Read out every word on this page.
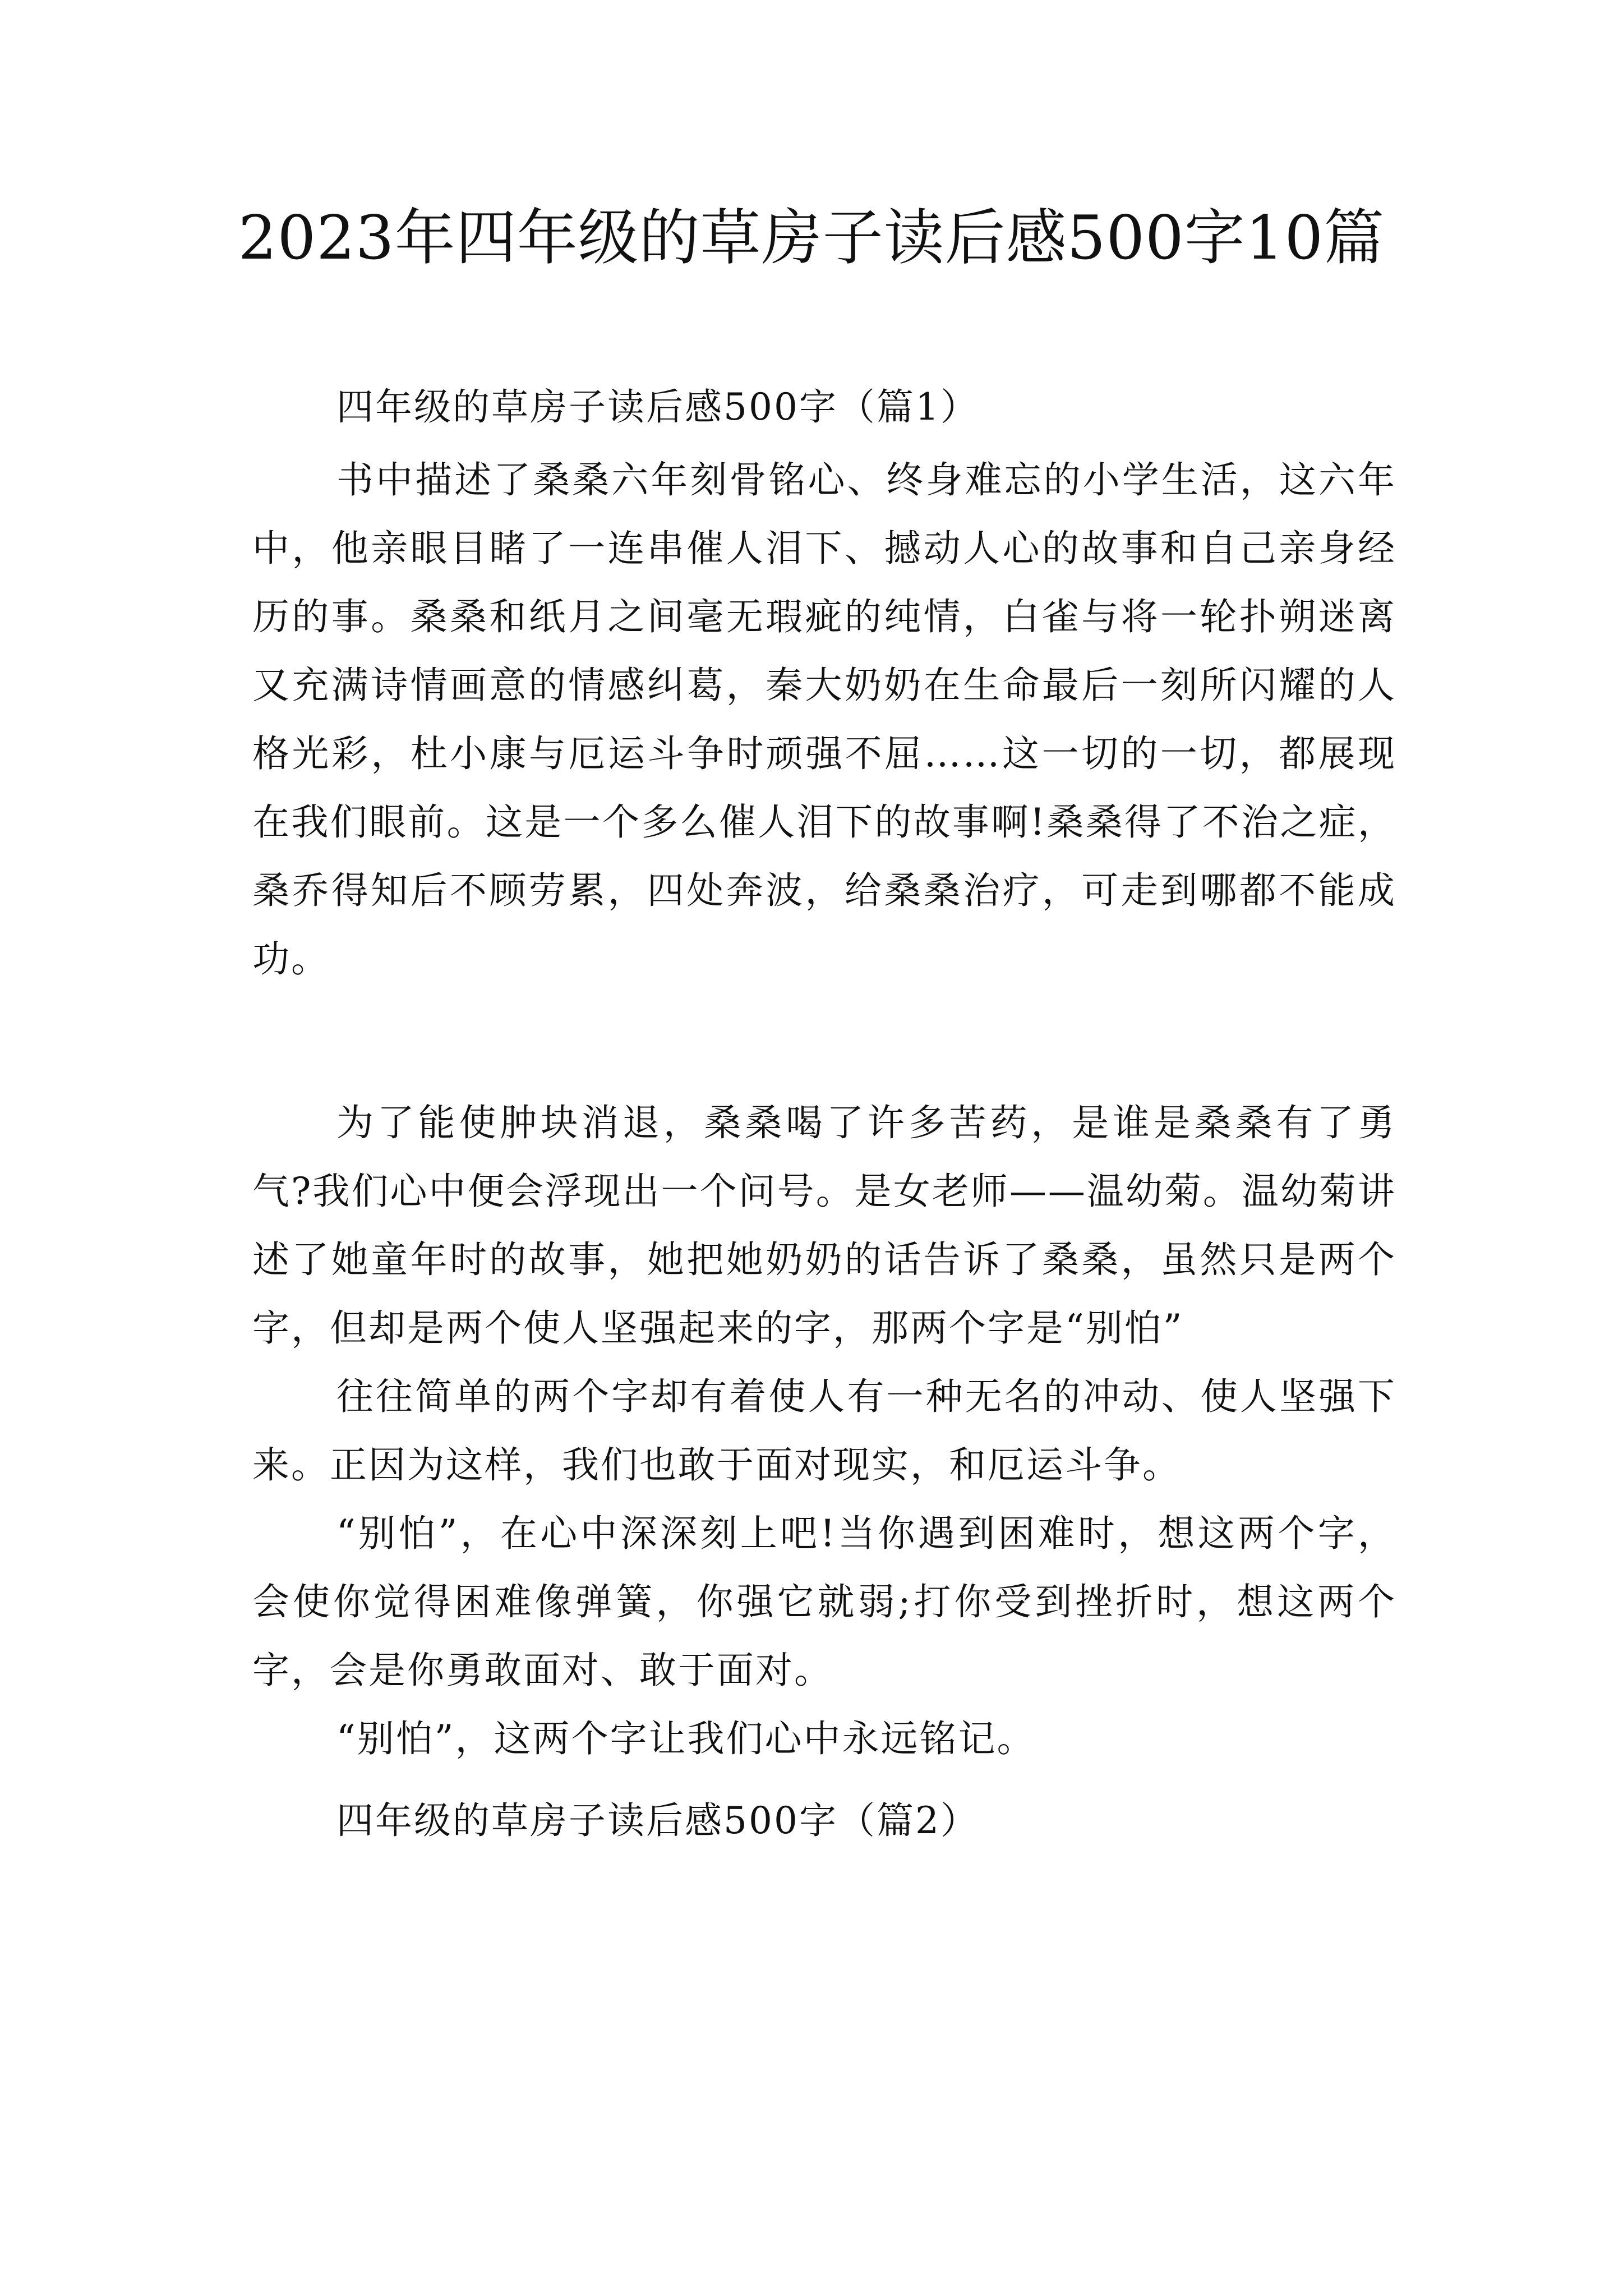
2023年四年级的草房子读后感500字10篇

四年级的草房子读后感500字（篇1）

书中描述了桑桑六年刻骨铭心、终身难忘的小学生活，这六年中，他亲眼目睹了一连串催人泪下、撼动人心的故事和自己亲身经历的事。桑桑和纸月之间毫无瑕疵的纯情，白雀与将一轮扑朔迷离又充满诗情画意的情感纠葛，秦大奶奶在生命最后一刻所闪耀的人格光彩，杜小康与厄运斗争时顽强不屈……这一切的一切，都展现在我们眼前。这是一个多么催人泪下的故事啊!桑桑得了不治之症，桑乔得知后不顾劳累，四处奔波，给桑桑治疗，可走到哪都不能成功。

为了能使肿块消退，桑桑喝了许多苦药，是谁是桑桑有了勇气?我们心中便会浮现出一个问号。是女老师——温幼菊。温幼菊讲述了她童年时的故事，她把她奶奶的话告诉了桑桑，虽然只是两个字，但却是两个使人坚强起来的字，那两个字是“别怕”

往往简单的两个字却有着使人有一种无名的冲动、使人坚强下来。正因为这样，我们也敢于面对现实，和厄运斗争。

“别怕”，在心中深深刻上吧!当你遇到困难时，想这两个字，会使你觉得困难像弹簧，你强它就弱;打你受到挫折时，想这两个字，会是你勇敢面对、敢于面对。

“别怕”，这两个字让我们心中永远铭记。

四年级的草房子读后感500字（篇2）
